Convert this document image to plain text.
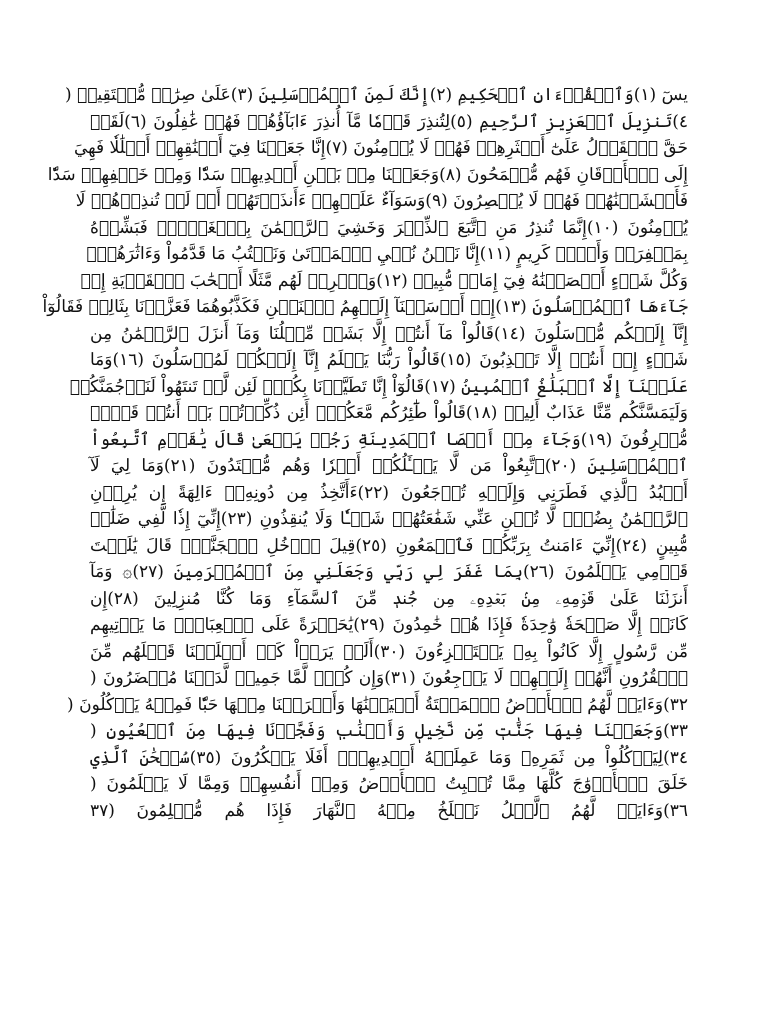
يسٓ (١)وَٱلۡقُرۡءَانِ ٱلۡحَكِيمِ (٢)إِنَّكَ لَمِنَ ٱلۡمُرۡسَلِينَ (٣)عَلَىٰ صِرَٰطٖ مُّسۡتَقِيمٖ (
٤)تَنزِيلَ ٱلۡعَزِيزِ ٱلرَّحِيمِ (٥)لِتُنذِرَ قَوۡمٗا مَّآ أُنذِرَ ءَابَآؤُهُمۡ فَهُمۡ غَٰفِلُونَ (٦)لَقَدۡ
حَقَّ ٱلۡقَوۡلُ عَلَىٰٓ أَكۡثَرِهِمۡ فَهُمۡ لَا يُؤۡمِنُونَ (٧)إِنَّا جَعَلۡنَا فِيٓ أَعۡنَٰقِهِمۡ أَغۡلَٰلٗا فَهِيَ
إِلَى ٱلۡأَذۡقَانِ فَهُم مُّقۡمَحُونَ (٨)وَجَعَلۡنَا مِنۢ بَيۡنِ أَيۡدِيهِمۡ سَدّٗا وَمِنۡ خَلۡفِهِمۡ سَدّٗا
فَأَغۡشَيۡنَٰهُمۡ فَهُمۡ لَا يُبۡصِرُونَ (٩)وَسَوَآءٌ عَلَيۡهِمۡ ءَأَنذَرۡتَهُمۡ أَمۡ لَمۡ تُنذِرۡهُمۡ لَا
يُؤۡمِنُونَ (١٠)إِنَّمَا تُنذِرُ مَنِ ٱتَّبَعَ ٱلذِّكۡرَ وَخَشِيَ ٱلرَّحۡمَٰنَ بِٱلۡغَيۡبِۖ فَبَشِّرۡهُ
بِمَغۡفِرَةٖ وَأَجۡرٖ كَرِيمٍ (١١)إِنَّا نَحۡنُ نُحۡيِ ٱلۡمَوۡتَىٰ وَنَكۡتُبُ مَا قَدَّمُواْ وَءَاثَٰرَهُمۡۚ
وَكُلَّ شَيۡءٍ أَحۡصَيۡنَٰهُ فِيٓ إِمَامٖ مُّبِينٖ (١٢)وَٱضۡرِبۡ لَهُم مَّثَلًا أَصۡحَٰبَ ٱلۡقَرۡيَةِ إِذۡ
جَآءَهَا ٱلۡمُرۡسَلُونَ (١٣)إِذۡ أَرۡسَلۡنَآ إِلَيۡهِمُ ٱثۡنَيۡنِ فَكَذَّبُوهُمَا فَعَزَّزۡنَا بِثَالِثٖ فَقَالُوٓاْ
إِنَّآ إِلَيۡكُم مُّرۡسَلُونَ (١٤)قَالُواْ مَآ أَنتُمۡ إِلَّا بَشَرٞ مِّثۡلُنَا وَمَآ أَنزَلَ ٱلرَّحۡمَٰنُ مِن
شَيۡءٍ إِنۡ أَنتُمۡ إِلَّا تَكۡذِبُونَ (١٥)قَالُواْ رَبُّنَا يَعۡلَمُ إِنَّآ إِلَيۡكُمۡ لَمُرۡسَلُونَ (١٦)وَمَا
عَلَيۡنَآ إِلَّا ٱلۡبَلَٰغُ ٱلۡمُبِينُ (١٧)قَالُوٓاْ إِنَّا تَطَيَّرۡنَا بِكُمۡۖ لَئِن لَّمۡ تَنتَهُواْ لَنَرۡجُمَنَّكُمۡ
وَلَيَمَسَّنَّكُم مِّنَّا عَذَابٌ أَلِيمٞ (١٨)قَالُواْ طَٰٓئِرُكُم مَّعَكُمۡۚ أَئِن ذُكِّرۡتُمۚ بَلۡ أَنتُمۡ قَوۡمٞ
مُّسۡرِفُونَ (١٩)وَجَآءَ مِنۡ أَقۡصَا ٱلۡمَدِينَةِ رَجُلٞ يَسۡعَىٰ قَالَ يَٰقَوۡمِ ٱتَّبِعُواْ
ٱلۡمُرۡسَلِينَ (٢٠)ٱتَّبِعُواْ مَن لَّا يَسۡـَٔلُكُمۡ أَجۡرٗا وَهُم مُّهۡتَدُونَ (٢١)وَمَا لِيَ لَآ
أَعۡبُدُ ٱلَّذِي فَطَرَنِي وَإِلَيۡهِ تُرۡجَعُونَ (٢٢)ءَأَتَّخِذُ مِن دُونِهِۦٓ ءَالِهَةً إِن يُرِدۡنِ
ٱلرَّحۡمَٰنُ بِضُرّٖ لَّا تُغۡنِ عَنِّي شَفَٰعَتُهُمۡ شَيۡـٔٗا وَلَا يُنقِذُونِ (٢٣)إِنِّيٓ إِذٗا لَّفِي ضَلَٰلٖ
مُّبِينٍ (٢٤)إِنِّيٓ ءَامَنتُ بِرَبِّكُمۡ فَٱسۡمَعُونِ (٢٥)قِيلَ ٱدۡخُلِ ٱلۡجَنَّةَۖ قَالَ يَٰلَيۡتَ
قَوۡمِي يَعۡلَمُونَ (٢٦)بِمَا غَفَرَ لِي رَبِّي وَجَعَلَنِي مِنَ ٱلۡمُكۡرَمِينَ (٢٧)۞ وَمَآ
أَنزَلۡنَا عَلَىٰ قَوۡمِهِۦ مِنۢ بَعۡدِهِۦ مِن جُندٖ مِّنَ ٱلسَّمَآءِ وَمَا كُنَّا مُنزِلِينَ (٢٨)إِن
كَانَتۡ إِلَّا صَيۡحَةٗ وَٰحِدَةٗ فَإِذَا هُمۡ خَٰمِدُونَ (٢٩)يَٰحَسۡرَةً عَلَى ٱلۡعِبَادِۚ مَا يَأۡتِيهِم
مِّن رَّسُولٍ إِلَّا كَانُواْ بِهِۦ يَسۡتَهۡزِءُونَ (٣٠)أَلَمۡ يَرَوۡاْ كَمۡ أَهۡلَكۡنَا قَبۡلَهُم مِّنَ
ٱلۡقُرُونِ أَنَّهُمۡ إِلَيۡهِمۡ لَا يَرۡجِعُونَ (٣١)وَإِن كُلّٞ لَّمَّا جَمِيعٞ لَّدَيۡنَا مُحۡضَرُونَ (
٣٢)وَءَايَةٞ لَّهُمُ ٱلۡأَرۡضُ ٱلۡمَيۡتَةُ أَحۡيَيۡنَٰهَا وَأَخۡرَجۡنَا مِنۡهَا حَبّٗا فَمِنۡهُ يَأۡكُلُونَ (
٣٣)وَجَعَلۡنَا فِيهَا جَنَّٰتٖ مِّن نَّخِيلٖ وَأَعۡنَٰبٖ وَفَجَّرۡنَا فِيهَا مِنَ ٱلۡعُيُونِ (
٣٤)لِيَأۡكُلُواْ مِن ثَمَرِهِۦ وَمَا عَمِلَتۡهُ أَيۡدِيهِمۡۚ أَفَلَا يَشۡكُرُونَ (٣٥)سُبۡحَٰنَ ٱلَّذِي
خَلَقَ ٱلۡأَزۡوَٰجَ كُلَّهَا مِمَّا تُنۢبِتُ ٱلۡأَرۡضُ وَمِنۡ أَنفُسِهِمۡ وَمِمَّا لَا يَعۡلَمُونَ (
٣٦)وَءَايَةٞ لَّهُمُ ٱلَّيۡلُ نَسۡلَخُ مِنۡهُ ٱلنَّهَارَ فَإِذَا هُم مُّظۡلِمُونَ (٣٧
